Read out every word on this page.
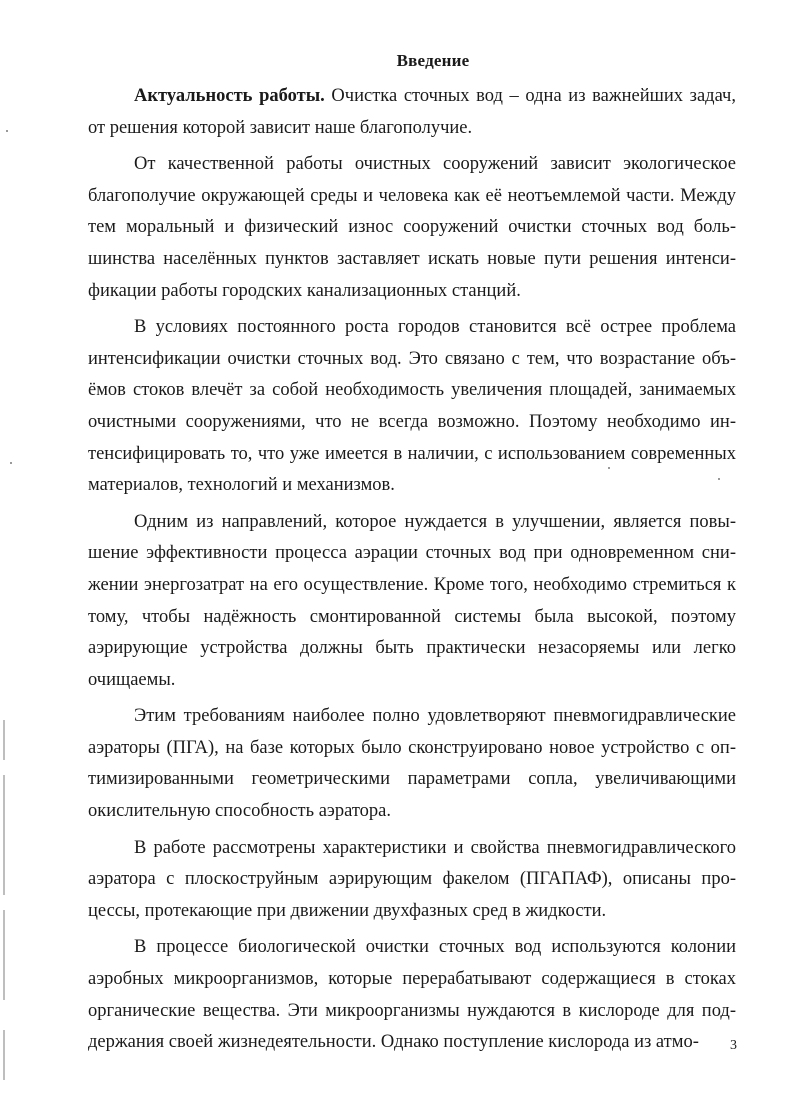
Введение

Актуальность работы. Очистка сточных вод – одна из важнейших задач, от решения которой зависит наше благополучие.

От качественной работы очистных сооружений зависит экологическое благополучие окружающей среды и человека как её неотъемлемой части. Между тем моральный и физический износ сооружений очистки сточных вод большинства населённых пунктов заставляет искать новые пути решения интенсификации работы городских канализационных станций.

В условиях постоянного роста городов становится всё острее проблема интенсификации очистки сточных вод. Это связано с тем, что возрастание объёмов стоков влечёт за собой необходимость увеличения площадей, занимаемых очистными сооружениями, что не всегда возможно. Поэтому необходимо интенсифицировать то, что уже имеется в наличии, с использованием современных материалов, технологий и механизмов.

Одним из направлений, которое нуждается в улучшении, является повышение эффективности процесса аэрации сточных вод при одновременном снижении энергозатрат на его осуществление. Кроме того, необходимо стремиться к тому, чтобы надёжность смонтированной системы была высокой, поэтому аэрирующие устройства должны быть практически незасоряемы или легко очищаемы.

Этим требованиям наиболее полно удовлетворяют пневмогидравлические аэраторы (ПГА), на базе которых было сконструировано новое устройство с оптимизированными геометрическими параметрами сопла, увеличивающими окислительную способность аэратора.

В работе рассмотрены характеристики и свойства пневмогидравлического аэратора с плоскоструйным аэрирующим факелом (ПГАПАФ), описаны процессы, протекающие при движении двухфазных сред в жидкости.

В процессе биологической очистки сточных вод используются колонии аэробных микроорганизмов, которые перерабатывают содержащиеся в стоках органические вещества. Эти микроорганизмы нуждаются в кислороде для поддержания своей жизнедеятельности. Однако поступление кислорода из атмо-	3
